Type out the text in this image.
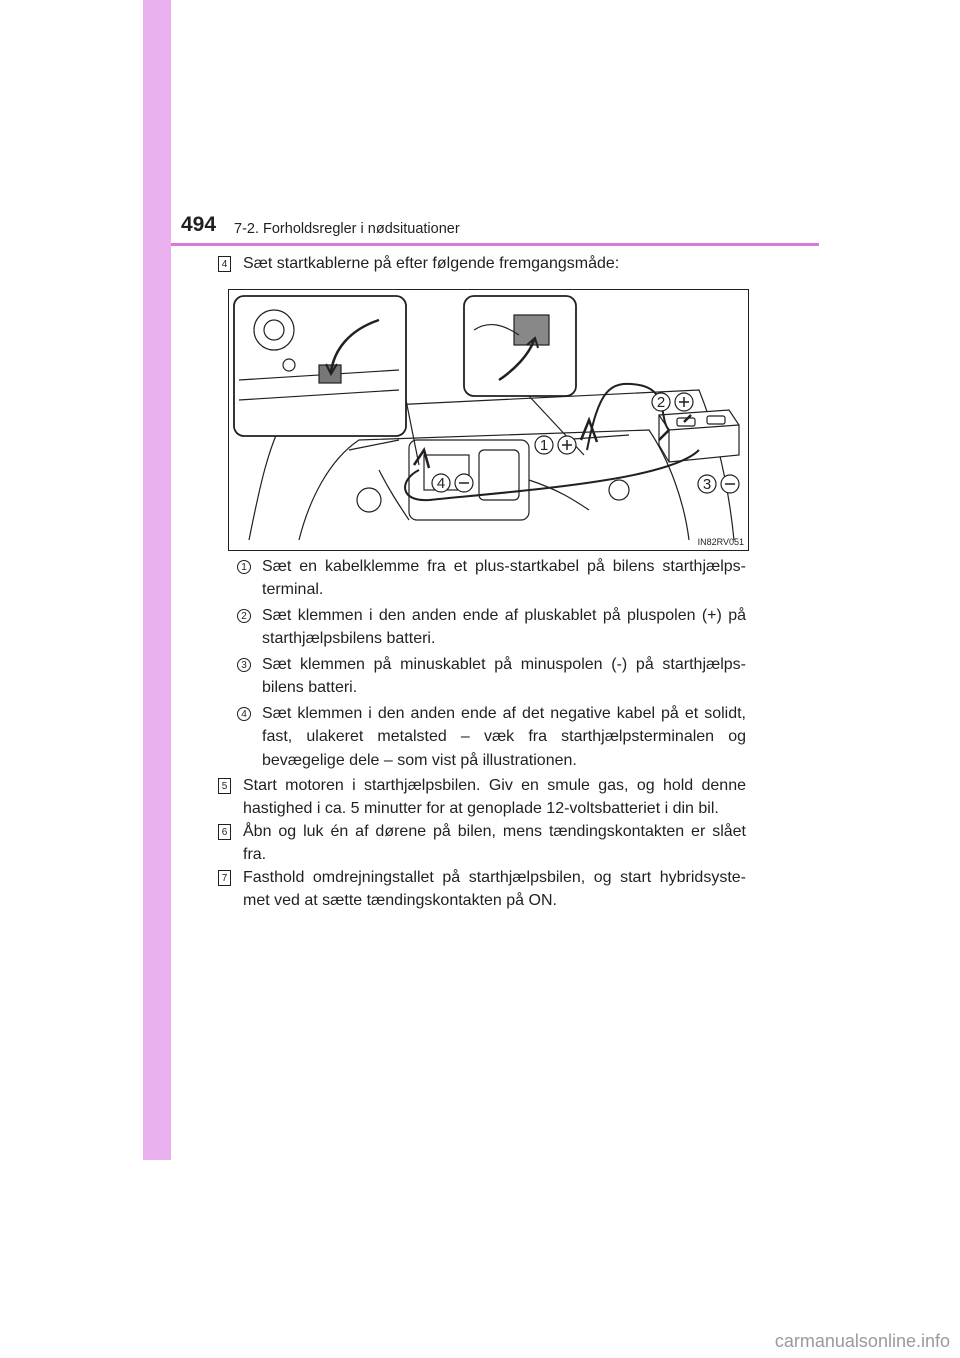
494 7-2. Forholdsregler i nødsituationer
4 Sæt startkablerne på efter følgende fremgangsmåde:
1
2
3
4
IN82RV051
1 Sæt en kabelklemme fra et plus-startkabel på bilens starthjælps-terminal.
2 Sæt klemmen i den anden ende af pluskablet på pluspolen (+) på starthjælpsbilens batteri.
3 Sæt klemmen på minuskablet på minuspolen (-) på starthjælps-bilens batteri.
4 Sæt klemmen i den anden ende af det negative kabel på et solidt, fast, ulakeret metalsted – væk fra starthjælpsterminalen og bevægelige dele – som vist på illustrationen.
5 Start motoren i starthjælpsbilen. Giv en smule gas, og hold denne hastighed i ca. 5 minutter for at genoplade 12-voltsbatteriet i din bil.
6 Åbn og luk én af dørene på bilen, mens tændingskontakten er slået fra.
7 Fasthold omdrejningstallet på starthjælpsbilen, og start hybridsyste-met ved at sætte tændingskontakten på ON.
carmanualsonline.info
